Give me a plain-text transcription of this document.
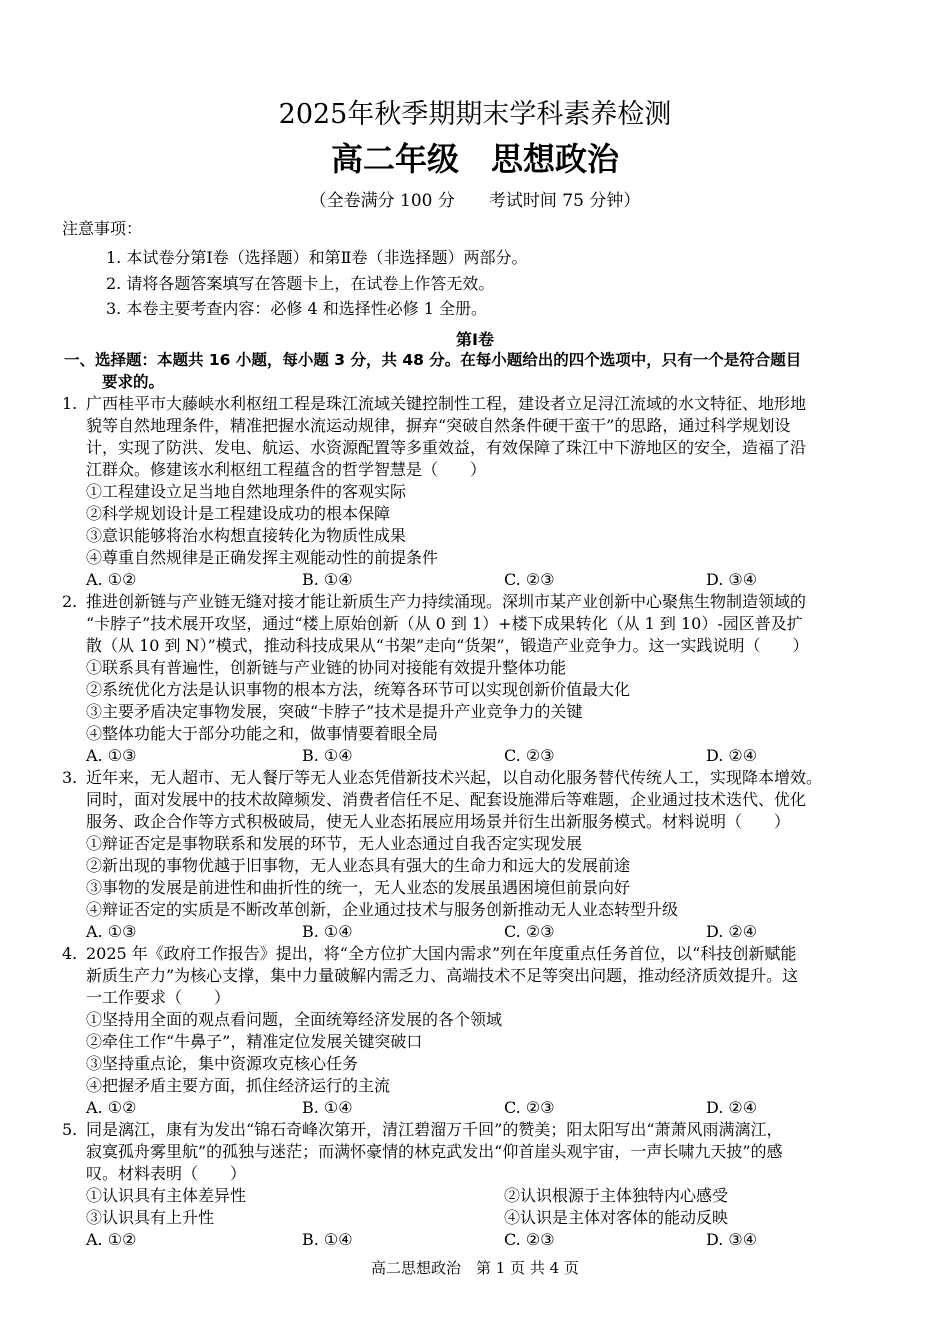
2025年秋季期期末学科素养检测
高二年级　思想政治
（全卷满分 100 分　　考试时间 75 分钟）
注意事项：
1. 本试卷分第Ⅰ卷（选择题）和第Ⅱ卷（非选择题）两部分。
2. 请将各题答案填写在答题卡上，在试卷上作答无效。
3. 本卷主要考查内容：必修 4 和选择性必修 1 全册。
第Ⅰ卷
一、选择题：本题共 16 小题，每小题 3 分，共 48 分。在每小题给出的四个选项中，只有一个是符合题目
要求的。
1. 广西桂平市大藤峡水利枢纽工程是珠江流域关键控制性工程，建设者立足浔江流域的水文特征、地形地
貌等自然地理条件，精准把握水流运动规律，摒弃“突破自然条件硬干蛮干”的思路，通过科学规划设
计，实现了防洪、发电、航运、水资源配置等多重效益，有效保障了珠江中下游地区的安全，造福了沿
江群众。修建该水利枢纽工程蕴含的哲学智慧是（　　）
①工程建设立足当地自然地理条件的客观实际
②科学规划设计是工程建设成功的根本保障
③意识能够将治水构想直接转化为物质性成果
④尊重自然规律是正确发挥主观能动性的前提条件
A. ①②	B. ①④	C. ②③	D. ③④
2. 推进创新链与产业链无缝对接才能让新质生产力持续涌现。深圳市某产业创新中心聚焦生物制造领域的
“卡脖子”技术展开攻坚，通过“楼上原始创新（从 0 到 1）+楼下成果转化（从 1 到 10）-园区普及扩
散（从 10 到 N）”模式，推动科技成果从“书架”走向“货架”，锻造产业竞争力。这一实践说明（　　）
①联系具有普遍性，创新链与产业链的协同对接能有效提升整体功能
②系统优化方法是认识事物的根本方法，统筹各环节可以实现创新价值最大化
③主要矛盾决定事物发展，突破“卡脖子”技术是提升产业竞争力的关键
④整体功能大于部分功能之和，做事情要着眼全局
A. ①③	B. ①④	C. ②③	D. ②④
3. 近年来，无人超市、无人餐厅等无人业态凭借新技术兴起，以自动化服务替代传统人工，实现降本增效。
同时，面对发展中的技术故障频发、消费者信任不足、配套设施滞后等难题，企业通过技术迭代、优化
服务、政企合作等方式积极破局，使无人业态拓展应用场景并衍生出新服务模式。材料说明（　　）
①辩证否定是事物联系和发展的环节，无人业态通过自我否定实现发展
②新出现的事物优越于旧事物，无人业态具有强大的生命力和远大的发展前途
③事物的发展是前进性和曲折性的统一，无人业态的发展虽遇困境但前景向好
④辩证否定的实质是不断改革创新，企业通过技术与服务创新推动无人业态转型升级
A. ①③	B. ①④	C. ②③	D. ②④
4. 2025 年《政府工作报告》提出，将“全方位扩大国内需求”列在年度重点任务首位，以“科技创新赋能
新质生产力”为核心支撑，集中力量破解内需乏力、高端技术不足等突出问题，推动经济质效提升。这
一工作要求（　　）
①坚持用全面的观点看问题，全面统筹经济发展的各个领域
②牵住工作“牛鼻子”，精准定位发展关键突破口
③坚持重点论，集中资源攻克核心任务
④把握矛盾主要方面，抓住经济运行的主流
A. ①②	B. ①④	C. ②③	D. ②④
5. 同是漓江，康有为发出“锦石奇峰次第开，清江碧溜万千回”的赞美；阳太阳写出“萧萧风雨满漓江，
寂寞孤舟雾里航”的孤独与迷茫；而满怀豪情的林克武发出“仰首崖头观宇宙，一声长啸九天披”的感
叹。材料表明（　　）
①认识具有主体差异性	②认识根源于主体独特内心感受
③认识具有上升性	④认识是主体对客体的能动反映
A. ①②	B. ①④	C. ②③	D. ③④
高二思想政治　第 1 页 共 4 页
